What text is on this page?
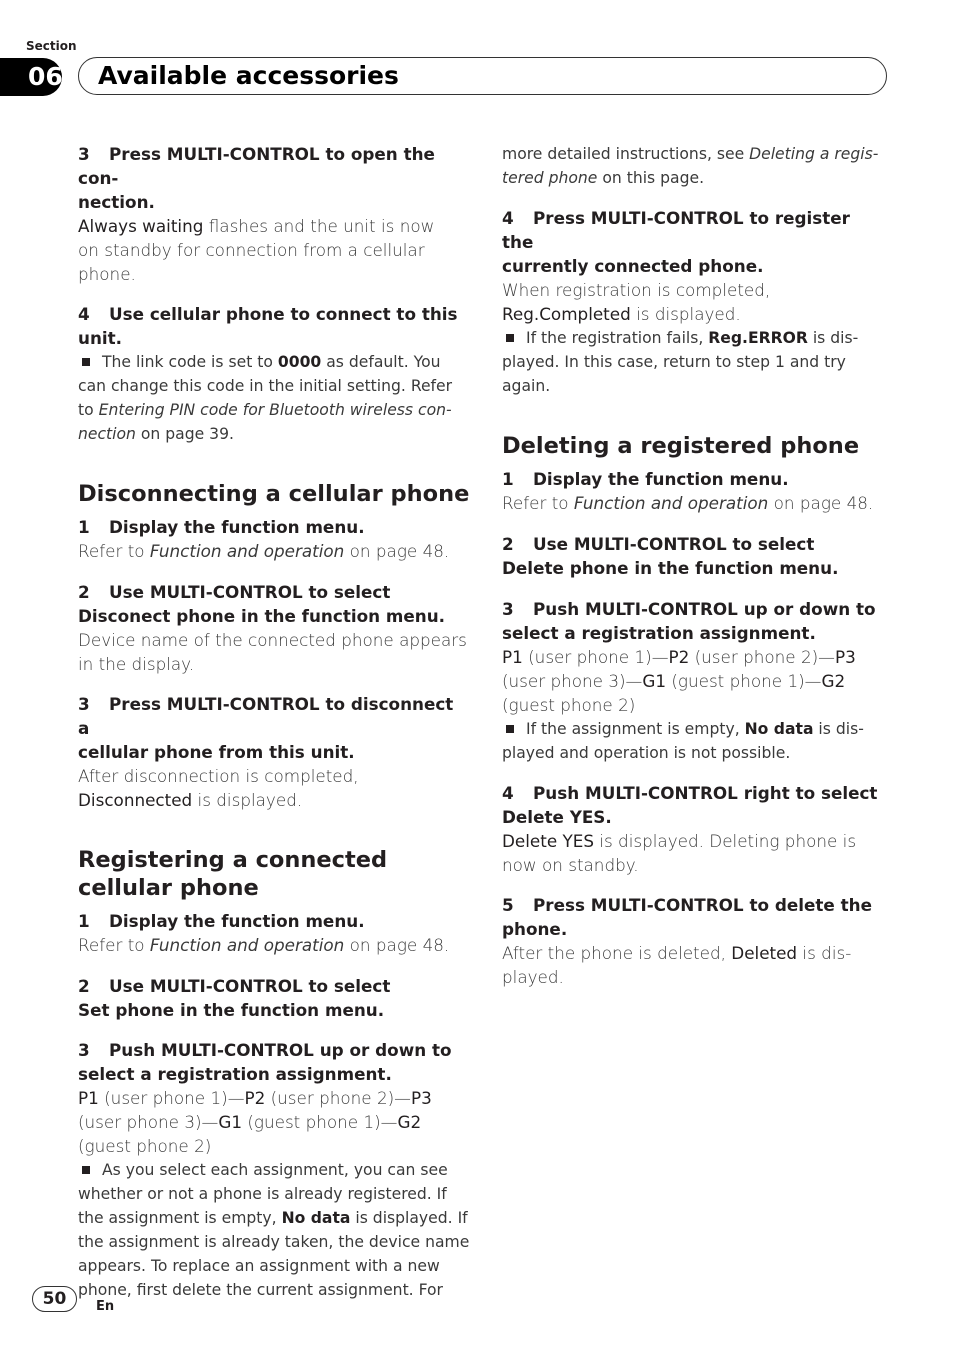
Section
06 Available accessories
3 Press MULTI-CONTROL to open the con-
nection.
Always waiting flashes and the unit is now
on standby for connection from a cellular
phone.
4 Use cellular phone to connect to this
unit.
The link code is set to 0000 as default. You
can change this code in the initial setting. Refer
to Entering PIN code for Bluetooth wireless con-
nection on page 39.
Disconnecting a cellular phone
1 Display the function menu.
Refer to Function and operation on page 48.
2 Use MULTI-CONTROL to select
Disconect phone in the function menu.
Device name of the connected phone appears
in the display.
3 Press MULTI-CONTROL to disconnect a
cellular phone from this unit.
After disconnection is completed,
Disconnected is displayed.
Registering a connected
cellular phone
1 Display the function menu.
Refer to Function and operation on page 48.
2 Use MULTI-CONTROL to select
Set phone in the function menu.
3 Push MULTI-CONTROL up or down to
select a registration assignment.
P1 (user phone 1)—P2 (user phone 2)—P3
(user phone 3)—G1 (guest phone 1)—G2
(guest phone 2)
As you select each assignment, you can see
whether or not a phone is already registered. If
the assignment is empty, No data is displayed. If
the assignment is already taken, the device name
appears. To replace an assignment with a new
phone, first delete the current assignment. For
more detailed instructions, see Deleting a regis-
tered phone on this page.
4 Press MULTI-CONTROL to register the
currently connected phone.
When registration is completed,
Reg.Completed is displayed.
If the registration fails, Reg.ERROR is dis-
played. In this case, return to step 1 and try
again.
Deleting a registered phone
1 Display the function menu.
Refer to Function and operation on page 48.
2 Use MULTI-CONTROL to select
Delete phone in the function menu.
3 Push MULTI-CONTROL up or down to
select a registration assignment.
P1 (user phone 1)—P2 (user phone 2)—P3
(user phone 3)—G1 (guest phone 1)—G2
(guest phone 2)
If the assignment is empty, No data is dis-
played and operation is not possible.
4 Push MULTI-CONTROL right to select
Delete YES.
Delete YES is displayed. Deleting phone is
now on standby.
5 Press MULTI-CONTROL to delete the
phone.
After the phone is deleted, Deleted is dis-
played.
50	En
